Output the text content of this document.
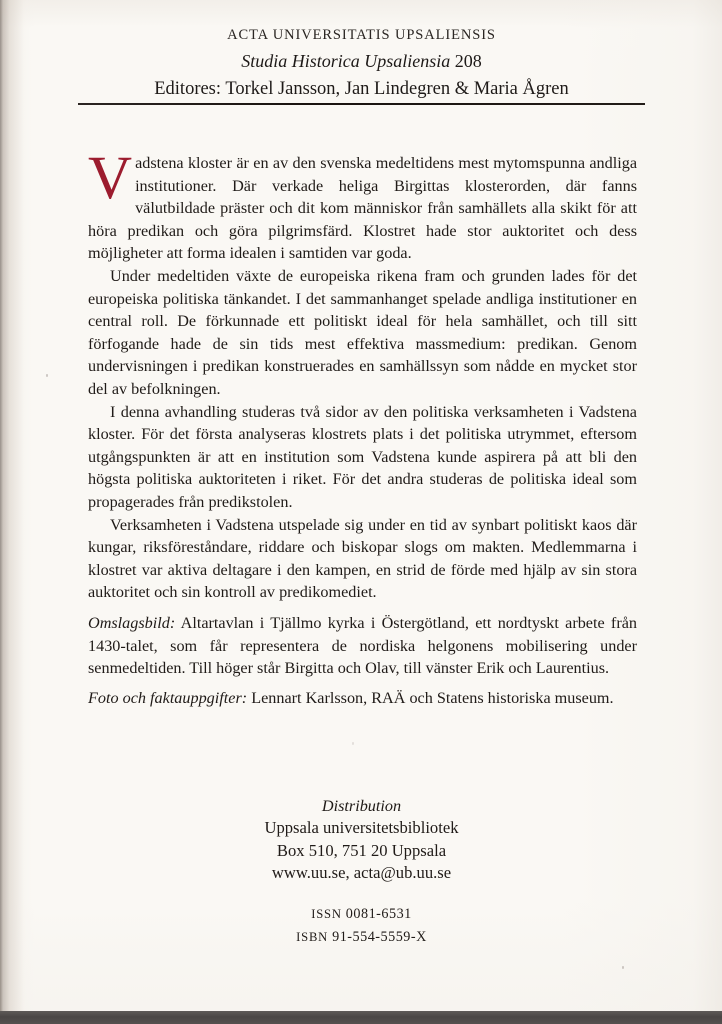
ACTA UNIVERSITATIS UPSALIENSIS
Studia Historica Upsaliensia 208
Editores: Torkel Jansson, Jan Lindegren & Maria Ågren

Vadstena kloster är en av den svenska medeltidens mest mytomspunna andliga institutioner. Där verkade heliga Birgittas klosterorden, där fanns välutbildade präster och dit kom människor från samhällets alla skikt för att höra predikan och göra pilgrimsfärd. Klostret hade stor auktoritet och dess möjligheter att forma idealen i samtiden var goda.

Under medeltiden växte de europeiska rikena fram och grunden lades för det europeiska politiska tänkandet. I det sammanhanget spelade andliga institutioner en central roll. De förkunnade ett politiskt ideal för hela samhället, och till sitt förfogande hade de sin tids mest effektiva massmedium: predikan. Genom undervisningen i predikan konstruerades en samhällssyn som nådde en mycket stor del av befolkningen.

I denna avhandling studeras två sidor av den politiska verksamheten i Vadstena kloster. För det första analyseras klostrets plats i det politiska utrymmet, eftersom utgångspunkten är att en institution som Vadstena kunde aspirera på att bli den högsta politiska auktoriteten i riket. För det andra studeras de politiska ideal som propagerades från predikstolen.

Verksamheten i Vadstena utspelade sig under en tid av synbart politiskt kaos där kungar, riksföreståndare, riddare och biskopar slogs om makten. Medlemmarna i klostret var aktiva deltagare i den kampen, en strid de förde med hjälp av sin stora auktoritet och sin kontroll av predikomediet.

Omslagsbild: Altartavlan i Tjällmo kyrka i Östergötland, ett nordtyskt arbete från 1430-talet, som får representera de nordiska helgonens mobilisering under senmedeltiden. Till höger står Birgitta och Olav, till vänster Erik och Laurentius.

Foto och faktauppgifter: Lennart Karlsson, RAÄ och Statens historiska museum.

Distribution
Uppsala universitetsbibliotek
Box 510, 751 20 Uppsala
www.uu.se, acta@ub.uu.se
ISSN 0081-6531
ISBN 91-554-5559-X
